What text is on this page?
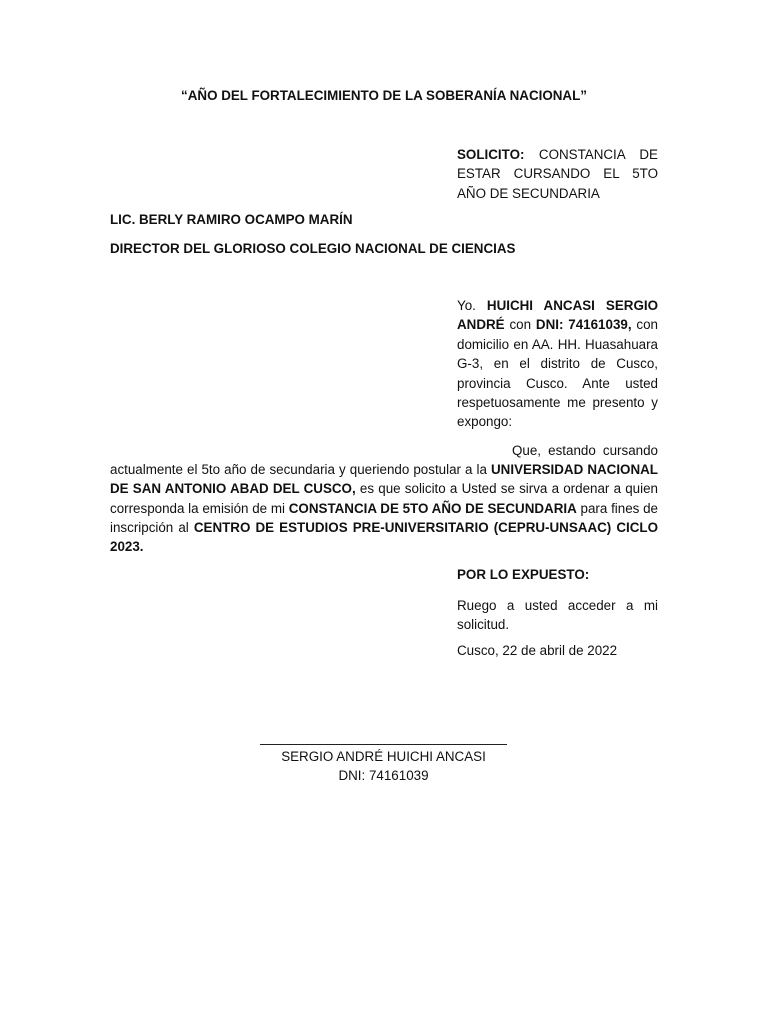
“AÑO DEL FORTALECIMIENTO DE LA SOBERANÍA NACIONAL”
SOLICITO: CONSTANCIA DE ESTAR CURSANDO EL 5TO AÑO DE SECUNDARIA
LIC. BERLY RAMIRO OCAMPO MARÍN
DIRECTOR DEL GLORIOSO COLEGIO NACIONAL DE CIENCIAS
Yo. HUICHI ANCASI SERGIO ANDRÉ con DNI: 74161039, con domicilio en AA. HH. Huasahuara G-3, en el distrito de Cusco, provincia Cusco. Ante usted respetuosamente me presento y expongo:
Que, estando cursando actualmente el 5to año de secundaria y queriendo postular a la UNIVERSIDAD NACIONAL DE SAN ANTONIO ABAD DEL CUSCO, es que solicito a Usted se sirva a ordenar a quien corresponda la emisión de mi CONSTANCIA DE 5TO AÑO DE SECUNDARIA para fines de inscripción al CENTRO DE ESTUDIOS PRE-UNIVERSITARIO (CEPRU-UNSAAC) CICLO 2023.
POR LO EXPUESTO:
Ruego a usted acceder a mi solicitud.
Cusco, 22 de abril de 2022
SERGIO ANDRÉ HUICHI ANCASI
DNI: 74161039
